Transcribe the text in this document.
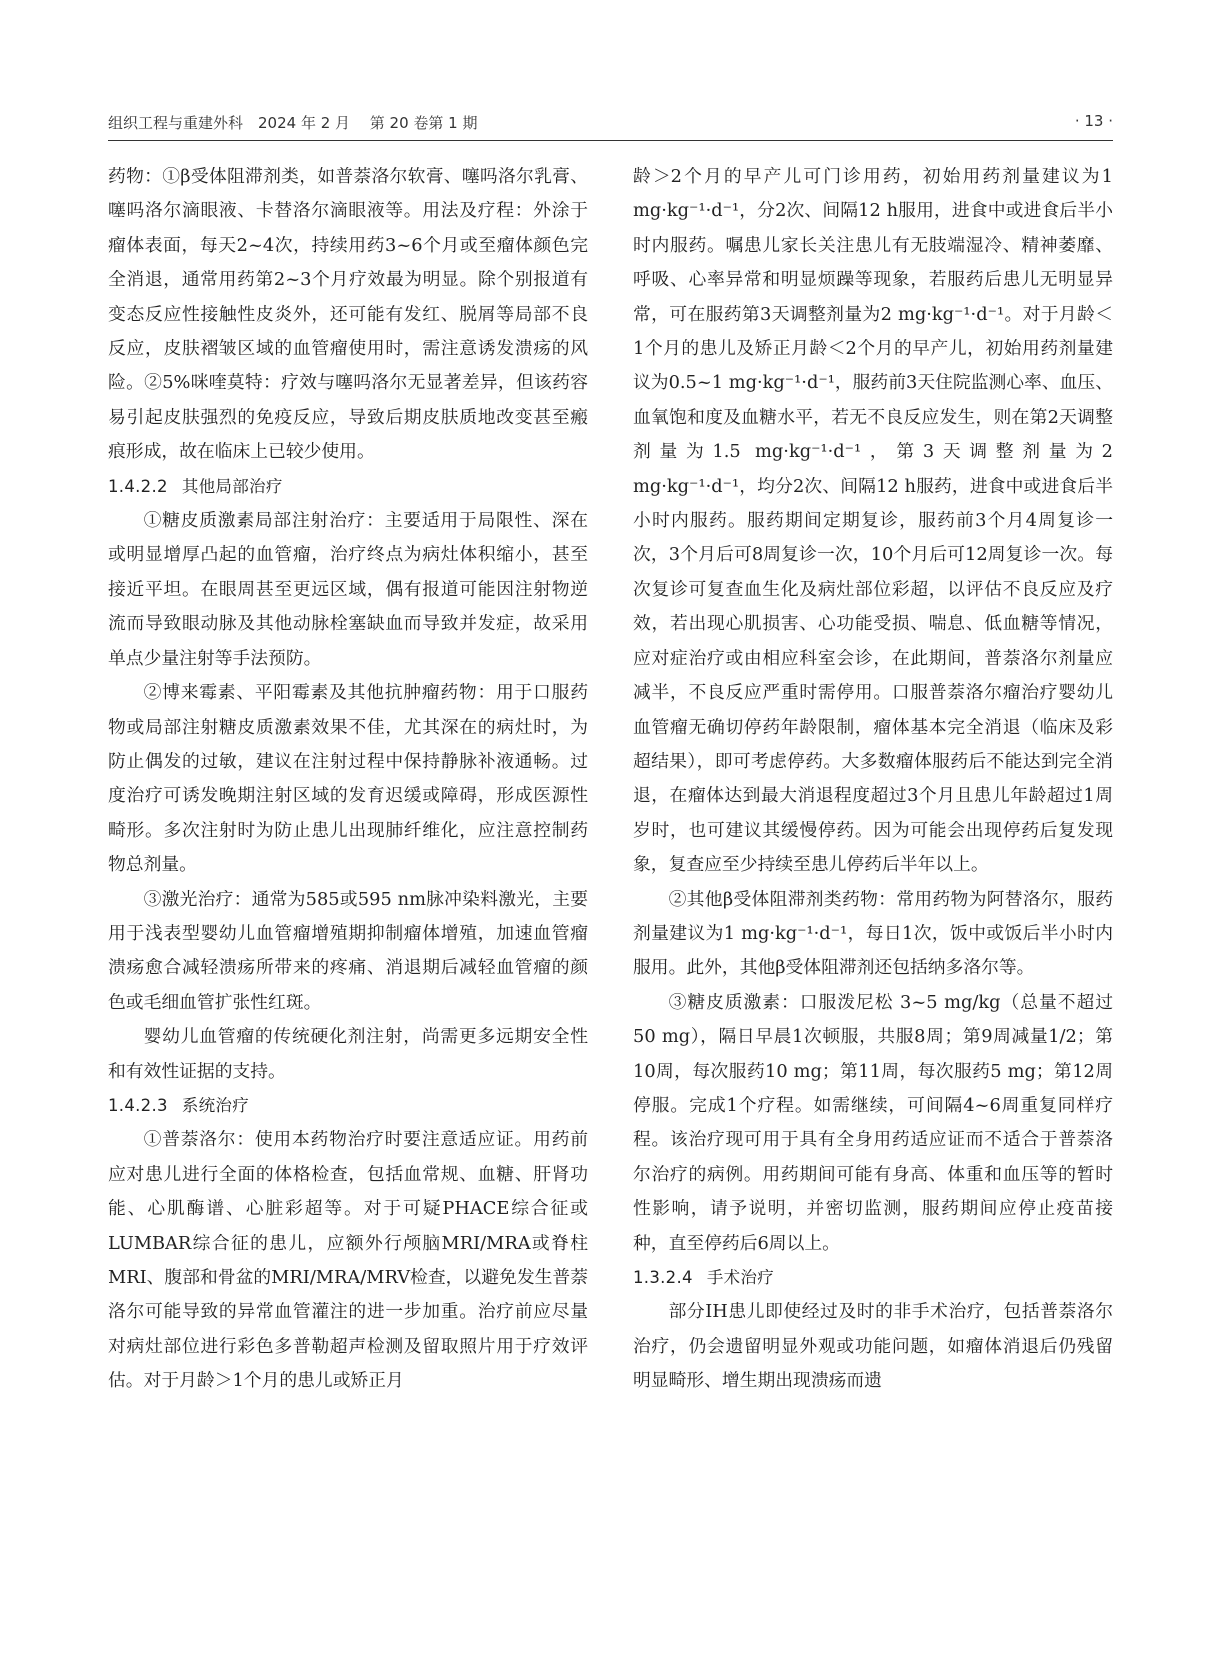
组织工程与重建外科　2024 年 2 月　 第 20 卷第 1 期	· 13 ·

药物：①β受体阻滞剂类，如普萘洛尔软膏、噻吗洛尔乳膏、噻吗洛尔滴眼液、卡替洛尔滴眼液等。用法及疗程：外涂于瘤体表面，每天2~4次，持续用药3~6个月或至瘤体颜色完全消退，通常用药第2~3个月疗效最为明显。除个别报道有变态反应性接触性皮炎外，还可能有发红、脱屑等局部不良反应，皮肤褶皱区域的血管瘤使用时，需注意诱发溃疡的风险。②5%咪喹莫特：疗效与噻吗洛尔无显著差异，但该药容易引起皮肤强烈的免疫反应，导致后期皮肤质地改变甚至瘢痕形成，故在临床上已较少使用。

1.4.2.2 其他局部治疗

①糖皮质激素局部注射治疗：主要适用于局限性、深在或明显增厚凸起的血管瘤，治疗终点为病灶体积缩小，甚至接近平坦。在眼周甚至更远区域，偶有报道可能因注射物逆流而导致眼动脉及其他动脉栓塞缺血而导致并发症，故采用单点少量注射等手法预防。

②博来霉素、平阳霉素及其他抗肿瘤药物：用于口服药物或局部注射糖皮质激素效果不佳，尤其深在的病灶时，为防止偶发的过敏，建议在注射过程中保持静脉补液通畅。过度治疗可诱发晚期注射区域的发育迟缓或障碍，形成医源性畸形。多次注射时为防止患儿出现肺纤维化，应注意控制药物总剂量。

③激光治疗：通常为585或595 nm脉冲染料激光，主要用于浅表型婴幼儿血管瘤增殖期抑制瘤体增殖，加速血管瘤溃疡愈合减轻溃疡所带来的疼痛、消退期后减轻血管瘤的颜色或毛细血管扩张性红斑。

婴幼儿血管瘤的传统硬化剂注射，尚需更多远期安全性和有效性证据的支持。

1.4.2.3 系统治疗

①普萘洛尔：使用本药物治疗时要注意适应证。用药前应对患儿进行全面的体格检查，包括血常规、血糖、肝肾功能、心肌酶谱、心脏彩超等。对于可疑PHACE综合征或LUMBAR综合征的患儿，应额外行颅脑MRI/MRA或脊柱MRI、腹部和骨盆的MRI/MRA/MRV检查，以避免发生普萘洛尔可能导致的异常血管灌注的进一步加重。治疗前应尽量对病灶部位进行彩色多普勒超声检测及留取照片用于疗效评估。对于月龄＞1个月的患儿或矫正月

龄＞2个月的早产儿可门诊用药，初始用药剂量建议为1 mg·kg⁻¹·d⁻¹，分2次、间隔12 h服用，进食中或进食后半小时内服药。嘱患儿家长关注患儿有无肢端湿冷、精神萎靡、呼吸、心率异常和明显烦躁等现象，若服药后患儿无明显异常，可在服药第3天调整剂量为2 mg·kg⁻¹·d⁻¹。对于月龄＜1个月的患儿及矫正月龄＜2个月的早产儿，初始用药剂量建议为0.5~1 mg·kg⁻¹·d⁻¹，服药前3天住院监测心率、血压、血氧饱和度及血糖水平，若无不良反应发生，则在第2天调整剂量为1.5 mg·kg⁻¹·d⁻¹，第3天调整剂量为2 mg·kg⁻¹·d⁻¹，均分2次、间隔12 h服药，进食中或进食后半小时内服药。服药期间定期复诊，服药前3个月4周复诊一次，3个月后可8周复诊一次，10个月后可12周复诊一次。每次复诊可复查血生化及病灶部位彩超，以评估不良反应及疗效，若出现心肌损害、心功能受损、喘息、低血糖等情况，应对症治疗或由相应科室会诊，在此期间，普萘洛尔剂量应减半，不良反应严重时需停用。口服普萘洛尔瘤治疗婴幼儿血管瘤无确切停药年龄限制，瘤体基本完全消退（临床及彩超结果），即可考虑停药。大多数瘤体服药后不能达到完全消退，在瘤体达到最大消退程度超过3个月且患儿年龄超过1周岁时，也可建议其缓慢停药。因为可能会出现停药后复发现象，复查应至少持续至患儿停药后半年以上。

②其他β受体阻滞剂类药物：常用药物为阿替洛尔，服药剂量建议为1 mg·kg⁻¹·d⁻¹，每日1次，饭中或饭后半小时内服用。此外，其他β受体阻滞剂还包括纳多洛尔等。

③糖皮质激素：口服泼尼松 3~5 mg/kg（总量不超过50 mg），隔日早晨1次顿服，共服8周；第9周减量1/2；第10周，每次服药10 mg；第11周，每次服药5 mg；第12周停服。完成1个疗程。如需继续，可间隔4~6周重复同样疗程。该治疗现可用于具有全身用药适应证而不适合于普萘洛尔治疗的病例。用药期间可能有身高、体重和血压等的暂时性影响，请予说明，并密切监测，服药期间应停止疫苗接种，直至停药后6周以上。

1.3.2.4 手术治疗

部分IH患儿即使经过及时的非手术治疗，包括普萘洛尔治疗，仍会遗留明显外观或功能问题，如瘤体消退后仍残留明显畸形、增生期出现溃疡而遗
